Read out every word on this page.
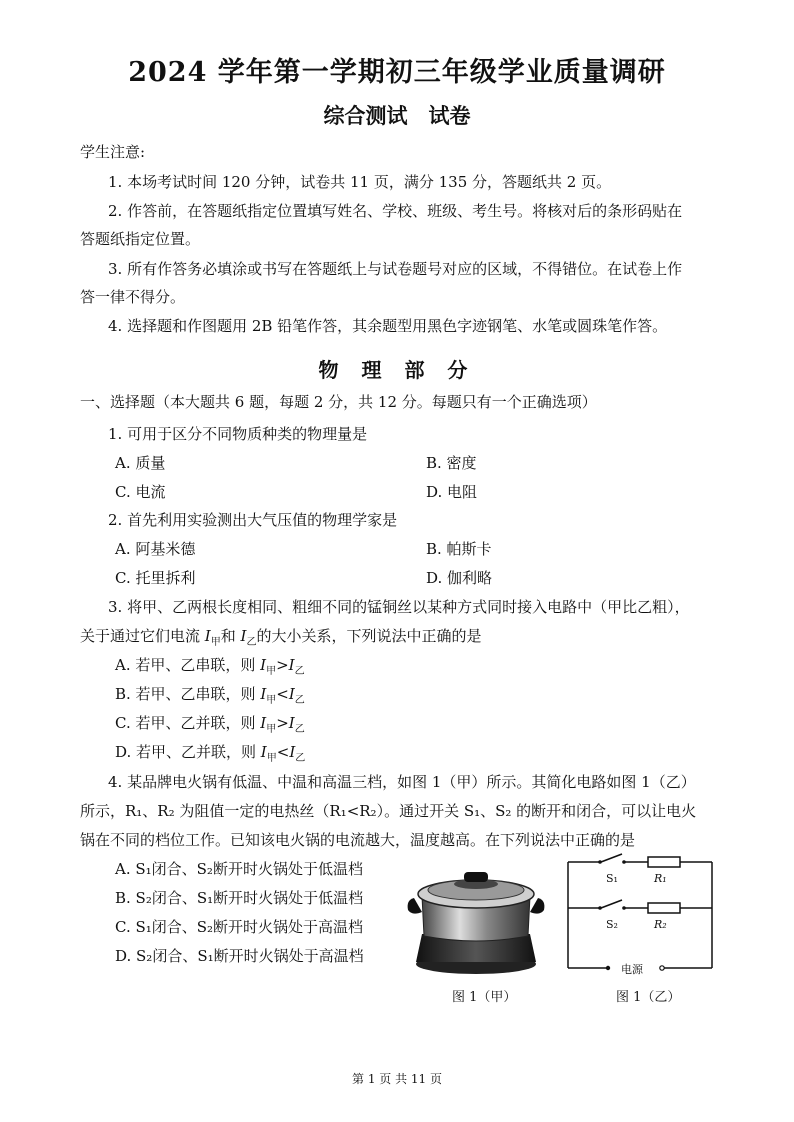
2024 学年第一学期初三年级学业质量调研
综合测试　试卷
学生注意:
1. 本场考试时间 120 分钟，试卷共 11 页，满分 135 分，答题纸共 2 页。
2. 作答前，在答题纸指定位置填写姓名、学校、班级、考生号。将核对后的条形码贴在
答题纸指定位置。
3. 所有作答务必填涂或书写在答题纸上与试卷题号对应的区域，不得错位。在试卷上作
答一律不得分。
4. 选择题和作图题用 2B 铅笔作答，其余题型用黑色字迹钢笔、水笔或圆珠笔作答。
物 理 部 分
一、选择题（本大题共 6 题，每题 2 分，共 12 分。每题只有一个正确选项）
1. 可用于区分不同物质种类的物理量是
A. 质量	B. 密度
C. 电流	D. 电阻
2. 首先利用实验测出大气压值的物理学家是
A. 阿基米德	B. 帕斯卡
C. 托里拆利	D. 伽利略
3. 将甲、乙两根长度相同、粗细不同的锰铜丝以某种方式同时接入电路中（甲比乙粗），
关于通过它们电流 $I_甲$和 $I_乙$的大小关系，下列说法中正确的是
A. 若甲、乙串联，则 $I_甲>I_乙$
B. 若甲、乙串联，则 $I_甲<I_乙$
C. 若甲、乙并联，则 $I_甲>I_乙$
D. 若甲、乙并联，则 $I_甲<I_乙$
4. 某品牌电火锅有低温、中温和高温三档，如图 1（甲）所示。其简化电路如图 1（乙）
所示，R₁、R₂ 为阻值一定的电热丝（R₁<R₂）。通过开关 S₁、S₂ 的断开和闭合，可以让电火
锅在不同的档位工作。已知该电火锅的电流越大，温度越高。在下列说法中正确的是
A. S₁闭合、S₂断开时火锅处于低温档
B. S₂闭合、S₁断开时火锅处于低温档
C. S₁闭合、S₂断开时火锅处于高温档
D. S₂闭合、S₁断开时火锅处于高温档
图 1（甲）
S₁	R₁
S₂	R₂
电源
图 1（乙）
第 1 页 共 11 页
